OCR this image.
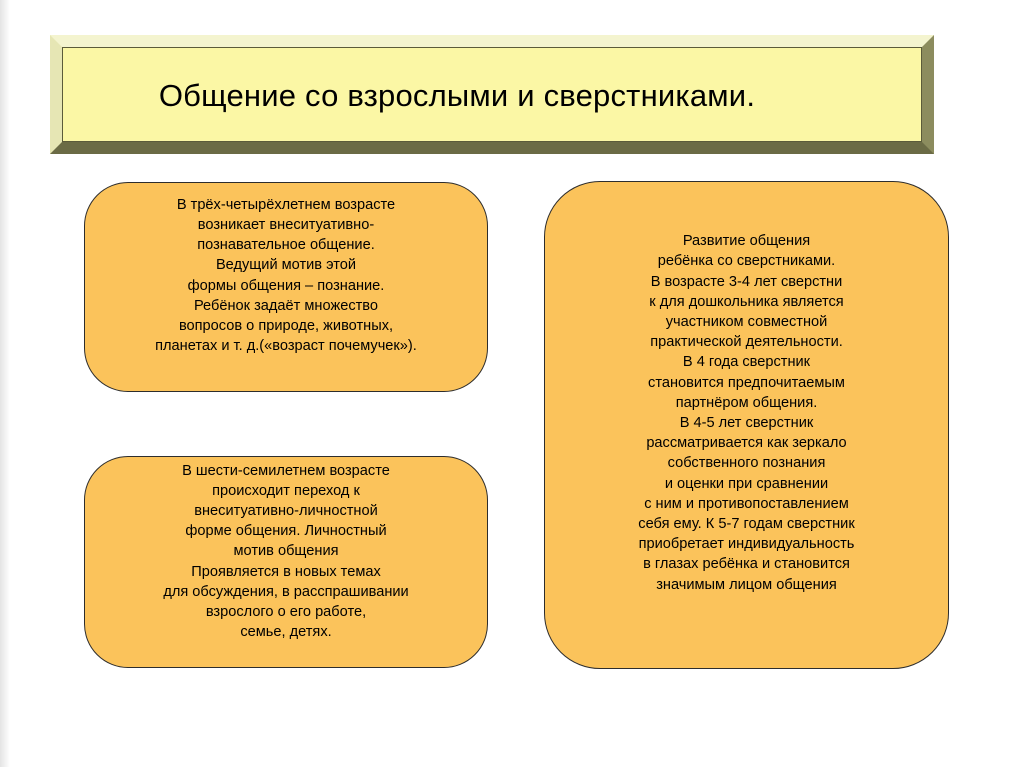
Общение со взрослыми и сверстниками.
В трёх-четырёхлетнем возрасте
возникает внеситуативно-
познавательное общение.
Ведущий мотив этой
формы общения – познание.
Ребёнок задаёт множество
вопросов о природе, животных,
планетах и т. д.(«возраст почемучек»).
В шести-семилетнем возрасте
происходит переход к
внеситуативно-личностной
форме общения. Личностный
мотив общения
Проявляется в новых темах
для обсуждения, в расспрашивании
взрослого о его работе,
семье, детях.
Развитие общения
ребёнка со сверстниками.
В возрасте 3-4 лет сверстни
к для дошкольника является
участником совместной
практической деятельности.
В 4 года сверстник
становится предпочитаемым
партнёром общения.
В 4-5 лет сверстник
рассматривается как зеркало
собственного познания
и оценки при сравнении
с ним и противопоставлением
себя ему. К 5-7 годам сверстник
приобретает индивидуальность
в глазах ребёнка и становится
значимым лицом общения
